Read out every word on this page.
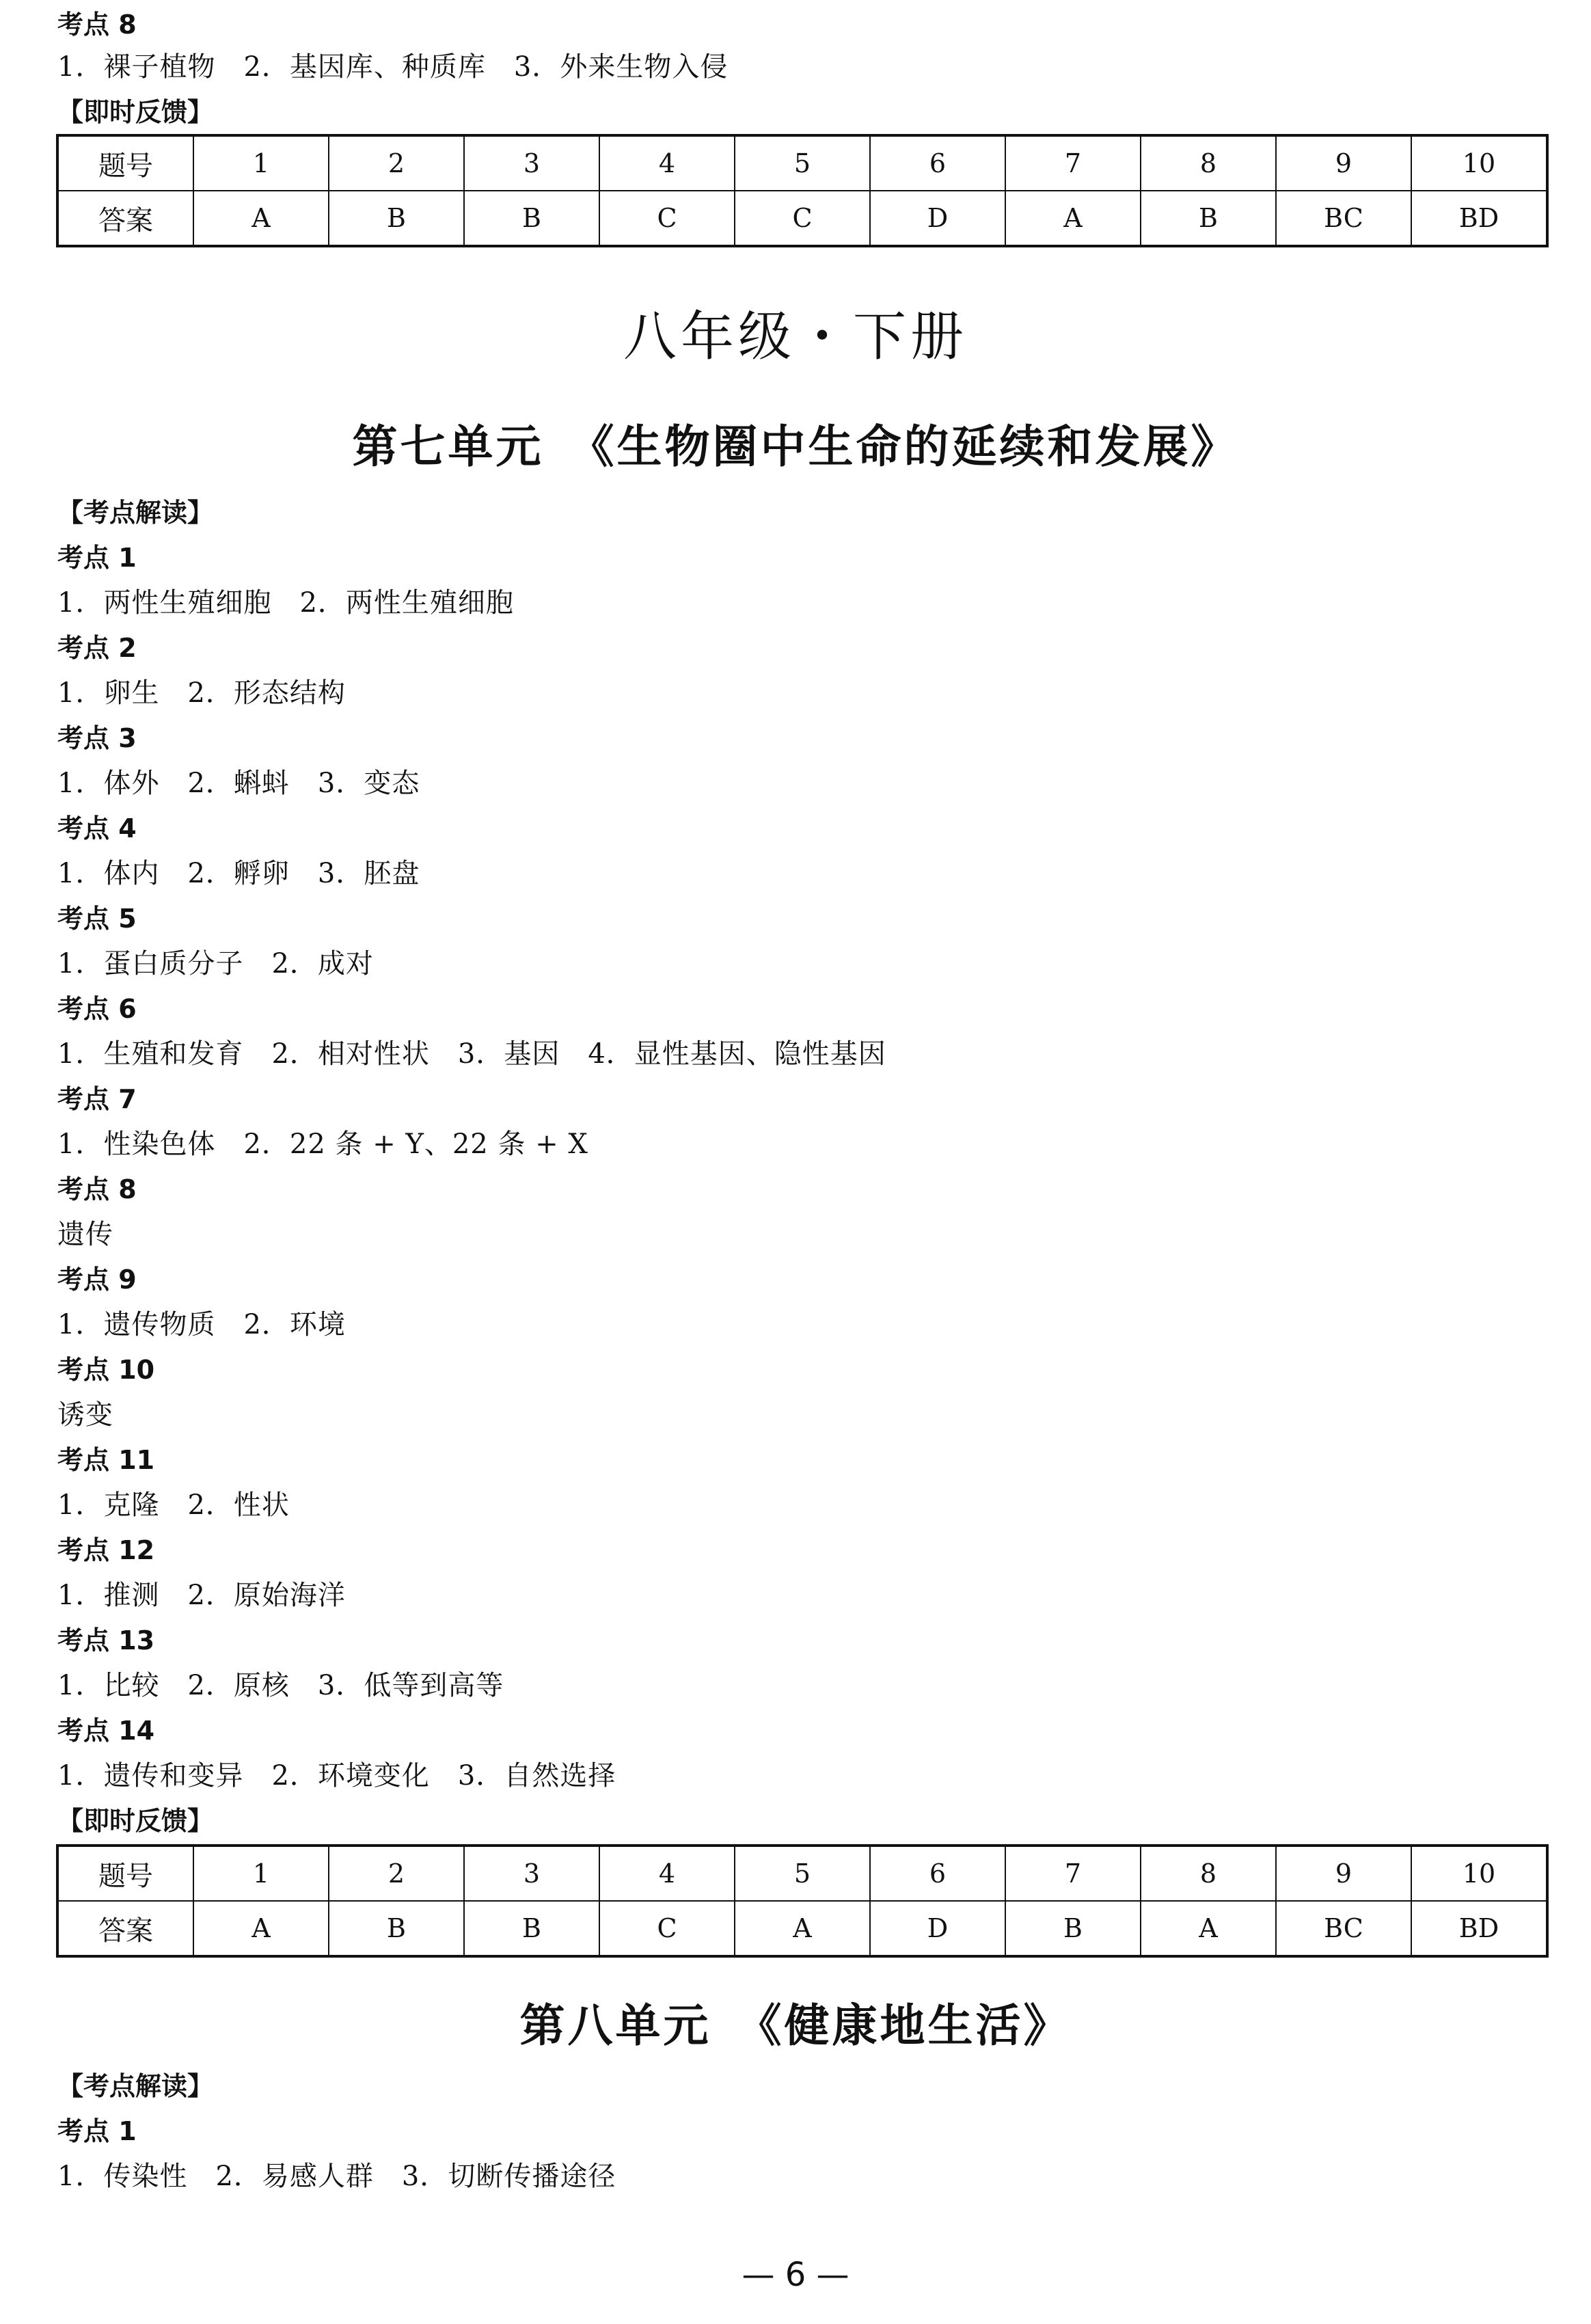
考点 8
1．裸子植物　2．基因库、种质库　3．外来生物入侵
【即时反馈】
题号	1	2	3	4	5	6	7	8	9	10
答案	A	B	B	C	C	D	A	B	BC	BD
八年级・下册
第七单元　《生物圈中生命的延续和发展》
【考点解读】
考点 1
1．两性生殖细胞　2．两性生殖细胞
考点 2
1．卵生　2．形态结构
考点 3
1．体外　2．蝌蚪　3．变态
考点 4
1．体内　2．孵卵　3．胚盘
考点 5
1．蛋白质分子　2．成对
考点 6
1．生殖和发育　2．相对性状　3．基因　4．显性基因、隐性基因
考点 7
1．性染色体　2．22 条 + Y、22 条 + X
考点 8
遗传
考点 9
1．遗传物质　2．环境
考点 10
诱变
考点 11
1．克隆　2．性状
考点 12
1．推测　2．原始海洋
考点 13
1．比较　2．原核　3．低等到高等
考点 14
1．遗传和变异　2．环境变化　3．自然选择
【即时反馈】
题号	1	2	3	4	5	6	7	8	9	10
答案	A	B	B	C	A	D	B	A	BC	BD
第八单元　《健康地生活》
【考点解读】
考点 1
1．传染性　2．易感人群　3．切断传播途径
— 6 —
